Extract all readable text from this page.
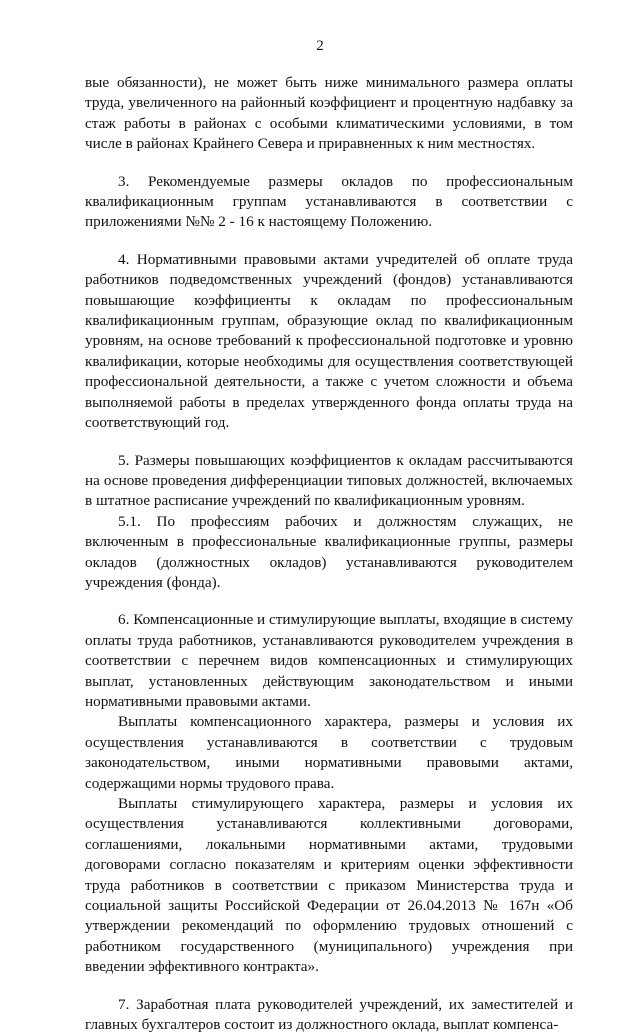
2

вые обязанности), не может быть ниже минимального размера оплаты труда, увеличенного на районный коэффициент и процентную надбавку за стаж работы в районах с особыми климатическими условиями, в том числе в районах Крайнего Севера и приравненных к ним местностях.

3. Рекомендуемые размеры окладов по профессиональным квалификационным группам устанавливаются в соответствии с приложениями №№ 2 - 16 к настоящему Положению.

4. Нормативными правовыми актами учредителей об оплате труда работников подведомственных учреждений (фондов) устанавливаются повышающие коэффициенты к окладам по профессиональным квалификационным группам, образующие оклад по квалификационным уровням, на основе требований к профессиональной подготовке и уровню квалификации, которые необходимы для осуществления соответствующей профессиональной деятельности, а также с учетом сложности и объема выполняемой работы в пределах утвержденного фонда оплаты труда на соответствующий год.

5. Размеры повышающих коэффициентов к окладам рассчитываются на основе проведения дифференциации типовых должностей, включаемых в штатное расписание учреждений по квалификационным уровням.

5.1. По профессиям рабочих и должностям служащих, не включенным в профессиональные квалификационные группы, размеры окладов (должностных окладов) устанавливаются руководителем учреждения (фонда).

6. Компенсационные и стимулирующие выплаты, входящие в систему оплаты труда работников, устанавливаются руководителем учреждения в соответствии с перечнем видов компенсационных и стимулирующих выплат, установленных действующим законодательством и иными нормативными правовыми актами.

Выплаты компенсационного характера, размеры и условия их осуществления устанавливаются в соответствии с трудовым законодательством, иными нормативными правовыми актами, содержащими нормы трудового права.

Выплаты стимулирующего характера, размеры и условия их осуществления устанавливаются коллективными договорами, соглашениями, локальными нормативными актами, трудовыми договорами согласно показателям и критериям оценки эффективности труда работников в соответствии с приказом Министерства труда и социальной защиты Российской Федерации от 26.04.2013 № 167н «Об утверждении рекомендаций по оформлению трудовых отношений с работником государственного (муниципального) учреждения при введении эффективного контракта».

7. Заработная плата руководителей учреждений, их заместителей и главных бухгалтеров состоит из должностного оклада, выплат компенса-
